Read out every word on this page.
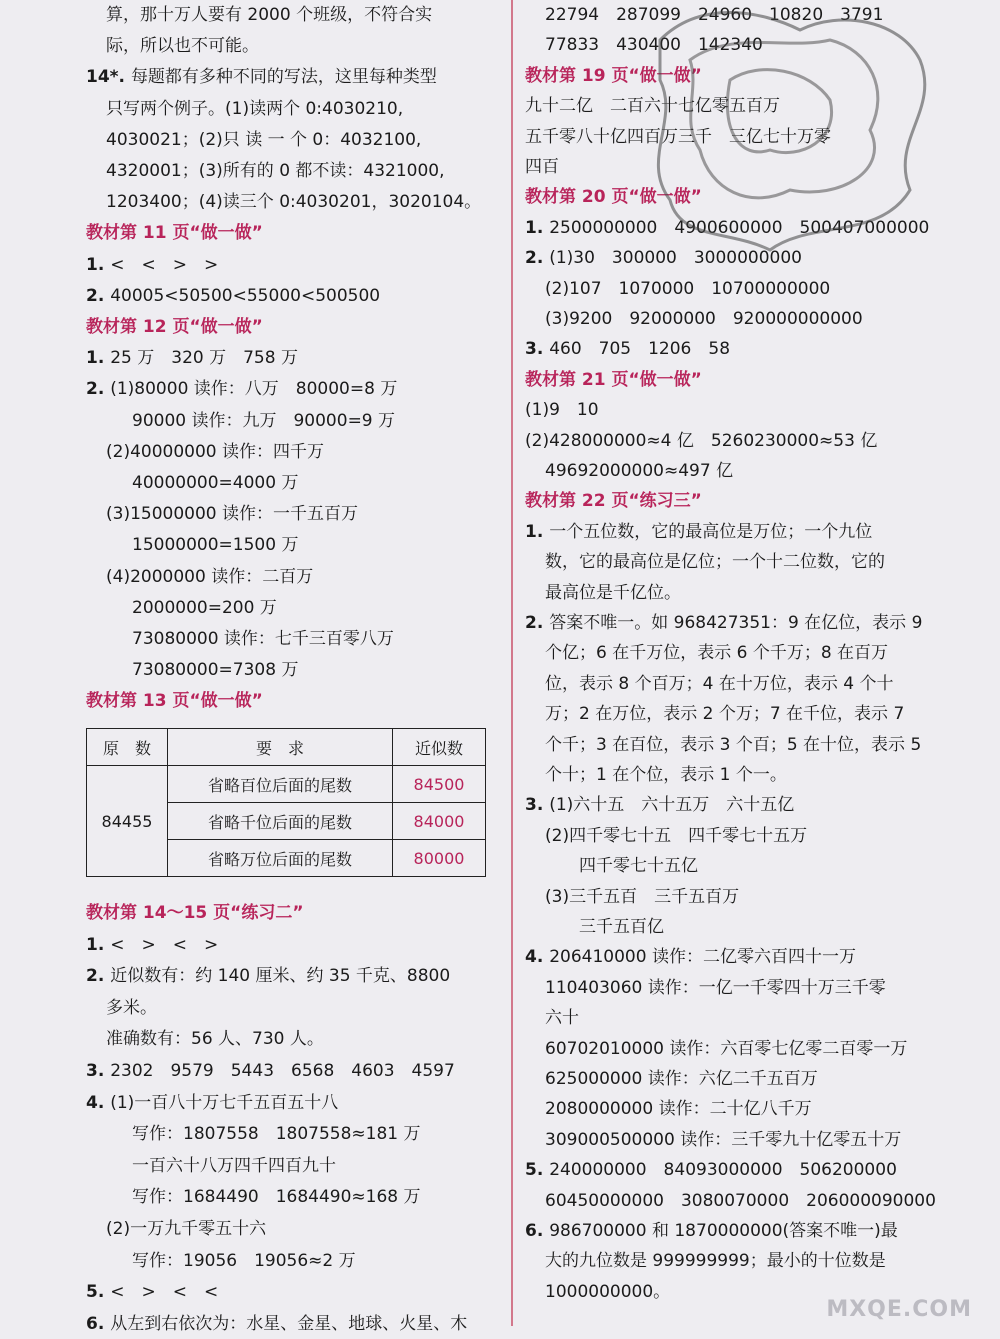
算，那十万人要有 2000 个班级，不符合实
际，所以也不可能。
14*. 每题都有多种不同的写法，这里每种类型
只写两个例子。(1)读两个 0:4030210,
4030021；(2)只 读 一 个 0：4032100,
4320001；(3)所有的 0 都不读：4321000,
1203400；(4)读三个 0:4030201，3020104。
教材第 11 页“做一做”
1. <　<　>　>
2. 40005<50500<55000<500500
教材第 12 页“做一做”
1. 25 万　320 万　758 万
2. (1)80000 读作：八万　80000=8 万
90000 读作：九万　90000=9 万
(2)40000000 读作：四千万
40000000=4000 万
(3)15000000 读作：一千五百万
15000000=1500 万
(4)2000000 读作：二百万
2000000=200 万
73080000 读作：七千三百零八万
73080000=7308 万
教材第 13 页“做一做”
教材第 14～15 页“练习二”
1. <　>　<　>
2. 近似数有：约 140 厘米、约 35 千克、8800
多米。
准确数有：56 人、730 人。
3. 2302　9579　5443　6568　4603　4597
4. (1)一百八十万七千五百五十八
写作：1807558　1807558≈181 万
一百六十八万四千四百九十
写作：1684490　1684490≈168 万
(2)一万九千零五十六
写作：19056　19056≈2 万
5. <　>　<　<
6. 从左到右依次为：水星、金星、地球、火星、木
22794　287099　24960　10820　3791
77833　430400　142340
教材第 19 页“做一做”
九十二亿　二百六十七亿零五百万
五千零八十亿四百万三千　三亿七十万零
四百
教材第 20 页“做一做”
1. 2500000000　4900600000　500407000000
2. (1)30　300000　3000000000
(2)107　1070000　10700000000
(3)9200　92000000　920000000000
3. 460　705　1206　58
教材第 21 页“做一做”
(1)9　10
(2)428000000≈4 亿　5260230000≈53 亿
49692000000≈497 亿
教材第 22 页“练习三”
1. 一个五位数，它的最高位是万位；一个九位
数，它的最高位是亿位；一个十二位数，它的
最高位是千亿位。
2. 答案不唯一。如 968427351：9 在亿位，表示 9
个亿；6 在千万位，表示 6 个千万；8 在百万
位，表示 8 个百万；4 在十万位，表示 4 个十
万；2 在万位，表示 2 个万；7 在千位，表示 7
个千；3 在百位，表示 3 个百；5 在十位，表示 5
个十；1 在个位，表示 1 个一。
3. (1)六十五　六十五万　六十五亿
(2)四千零七十五　四千零七十五万
四千零七十五亿
(3)三千五百　三千五百万
三千五百亿
4. 206410000 读作：二亿零六百四十一万
110403060 读作：一亿一千零四十万三千零
六十
60702010000 读作：六百零七亿零二百零一万
625000000 读作：六亿二千五百万
2080000000 读作：二十亿八千万
309000500000 读作：三千零九十亿零五十万
5. 240000000　84093000000　506200000
60450000000　3080070000　206000090000
6. 986700000 和 1870000000(答案不唯一)最
大的九位数是 999999999；最小的十位数是
1000000000。
原　数	要　求	近似数
84455	省略百位后面的尾数	84500
	省略千位后面的尾数	84000
	省略万位后面的尾数	80000
MXQE.COM
